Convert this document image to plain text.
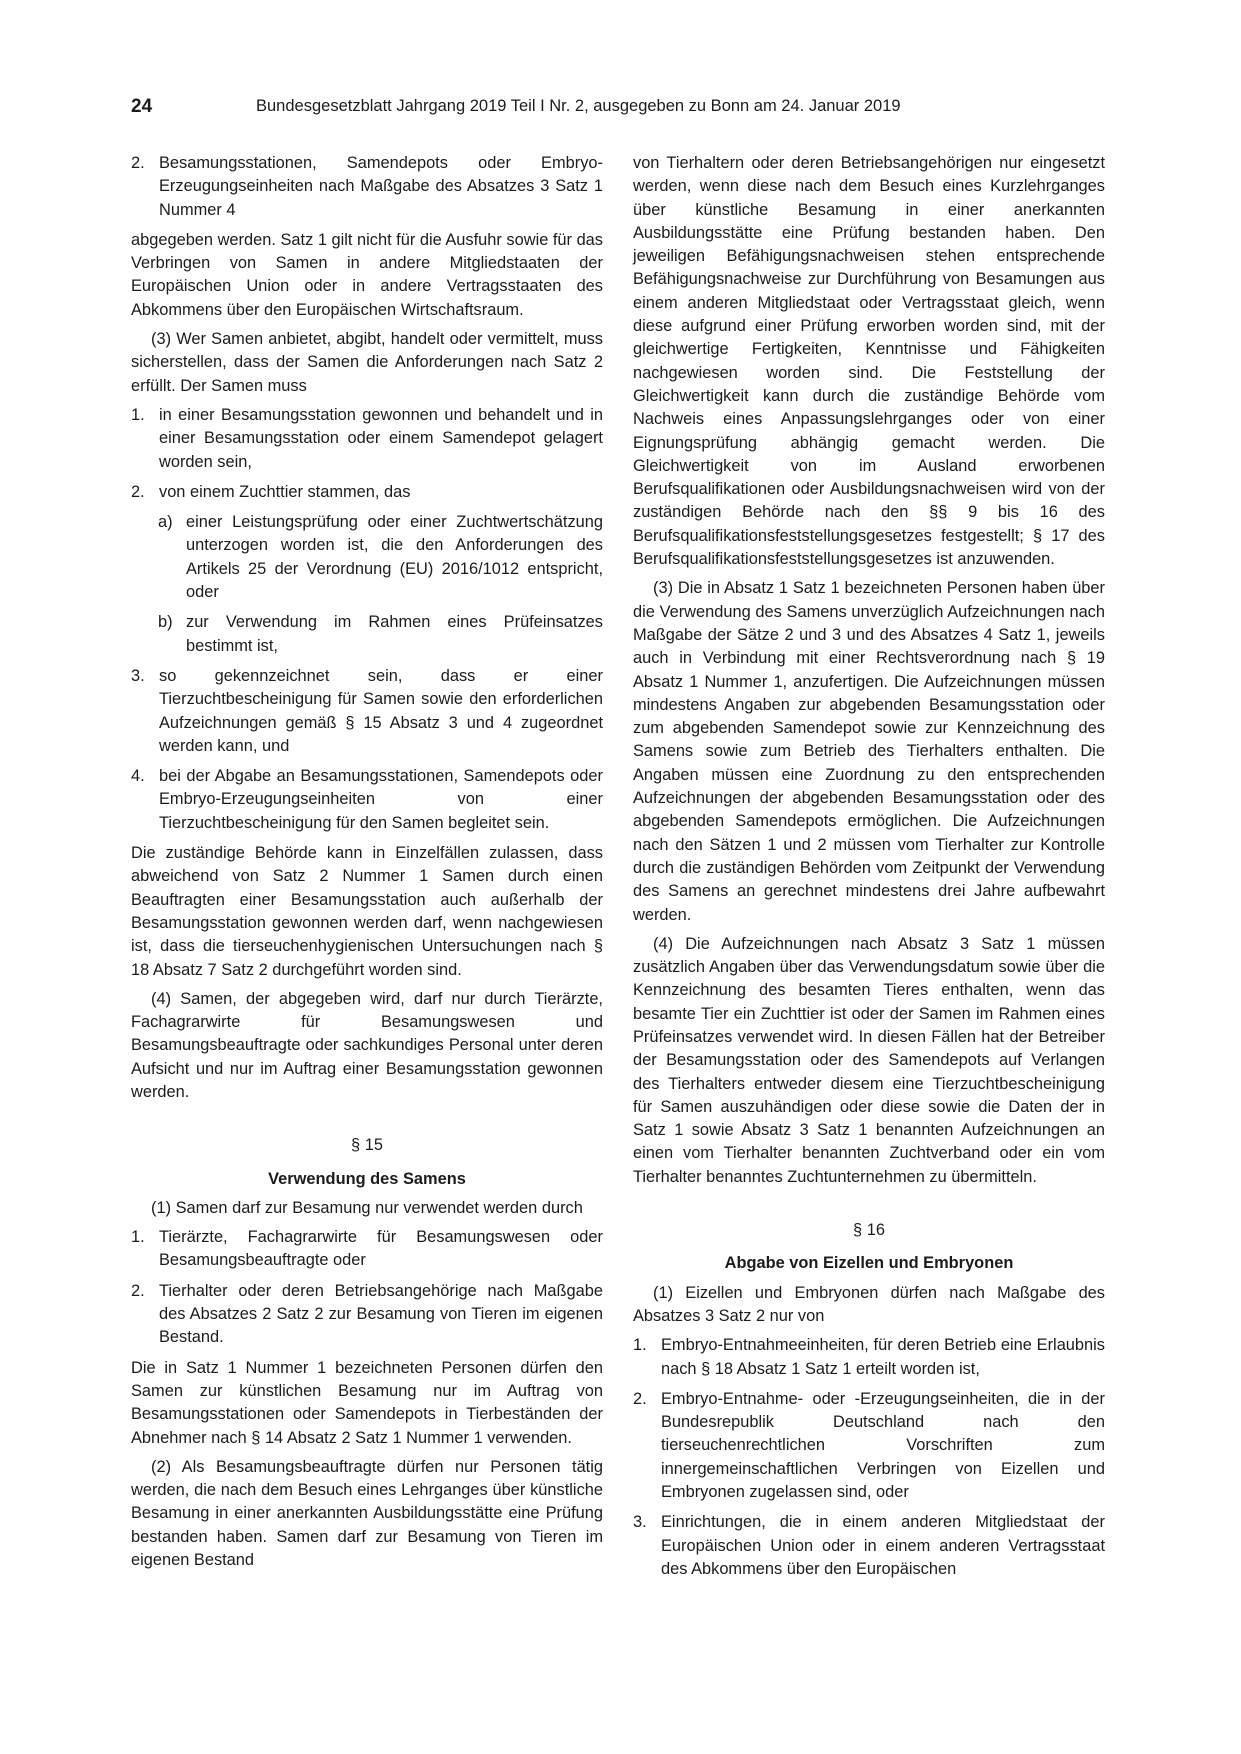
24	Bundesgesetzblatt Jahrgang 2019 Teil I Nr. 2, ausgegeben zu Bonn am 24. Januar 2019
2. Besamungsstationen, Samendepots oder Embryo-Erzeugungseinheiten nach Maßgabe des Absatzes 3 Satz 1 Nummer 4

abgegeben werden. Satz 1 gilt nicht für die Ausfuhr sowie für das Verbringen von Samen in andere Mitgliedstaaten der Europäischen Union oder in andere Vertragsstaaten des Abkommens über den Europäischen Wirtschaftsraum.

(3) Wer Samen anbietet, abgibt, handelt oder vermittelt, muss sicherstellen, dass der Samen die Anforderungen nach Satz 2 erfüllt. Der Samen muss

1. in einer Besamungsstation gewonnen und behandelt und in einer Besamungsstation oder einem Samendepot gelagert worden sein,
2. von einem Zuchttier stammen, das
a) einer Leistungsprüfung oder einer Zuchtwertschätzung unterzogen worden ist, die den Anforderungen des Artikels 25 der Verordnung (EU) 2016/1012 entspricht, oder
b) zur Verwendung im Rahmen eines Prüfeinsatzes bestimmt ist,
3. so gekennzeichnet sein, dass er einer Tierzuchtbescheinigung für Samen sowie den erforderlichen Aufzeichnungen gemäß § 15 Absatz 3 und 4 zugeordnet werden kann, und
4. bei der Abgabe an Besamungsstationen, Samendepots oder Embryo-Erzeugungseinheiten von einer Tierzuchtbescheinigung für den Samen begleitet sein.

Die zuständige Behörde kann in Einzelfällen zulassen, dass abweichend von Satz 2 Nummer 1 Samen durch einen Beauftragten einer Besamungsstation auch außerhalb der Besamungsstation gewonnen werden darf, wenn nachgewiesen ist, dass die tierseuchenhygienischen Untersuchungen nach § 18 Absatz 7 Satz 2 durchgeführt worden sind.

(4) Samen, der abgegeben wird, darf nur durch Tierärzte, Fachagrarwirte für Besamungswesen und Besamungsbeauftragte oder sachkundiges Personal unter deren Aufsicht und nur im Auftrag einer Besamungsstation gewonnen werden.

§ 15
Verwendung des Samens

(1) Samen darf zur Besamung nur verwendet werden durch

1. Tierärzte, Fachagrarwirte für Besamungswesen oder Besamungsbeauftragte oder
2. Tierhalter oder deren Betriebsangehörige nach Maßgabe des Absatzes 2 Satz 2 zur Besamung von Tieren im eigenen Bestand.

Die in Satz 1 Nummer 1 bezeichneten Personen dürfen den Samen zur künstlichen Besamung nur im Auftrag von Besamungsstationen oder Samendepots in Tierbeständen der Abnehmer nach § 14 Absatz 2 Satz 1 Nummer 1 verwenden.

(2) Als Besamungsbeauftragte dürfen nur Personen tätig werden, die nach dem Besuch eines Lehrganges über künstliche Besamung in einer anerkannten Ausbildungsstätte eine Prüfung bestanden haben. Samen darf zur Besamung von Tieren im eigenen Bestand

von Tierhaltern oder deren Betriebsangehörigen nur eingesetzt werden, wenn diese nach dem Besuch eines Kurzlehrganges über künstliche Besamung in einer anerkannten Ausbildungsstätte eine Prüfung bestanden haben. Den jeweiligen Befähigungsnachweisen stehen entsprechende Befähigungsnachweise zur Durchführung von Besamungen aus einem anderen Mitgliedstaat oder Vertragsstaat gleich, wenn diese aufgrund einer Prüfung erworben worden sind, mit der gleichwertige Fertigkeiten, Kenntnisse und Fähigkeiten nachgewiesen worden sind. Die Feststellung der Gleichwertigkeit kann durch die zuständige Behörde vom Nachweis eines Anpassungslehrganges oder von einer Eignungsprüfung abhängig gemacht werden. Die Gleichwertigkeit von im Ausland erworbenen Berufsqualifikationen oder Ausbildungsnachweisen wird von der zuständigen Behörde nach den §§ 9 bis 16 des Berufsqualifikationsfeststellungsgesetzes festgestellt; § 17 des Berufsqualifikationsfeststellungsgesetzes ist anzuwenden.

(3) Die in Absatz 1 Satz 1 bezeichneten Personen haben über die Verwendung des Samens unverzüglich Aufzeichnungen nach Maßgabe der Sätze 2 und 3 und des Absatzes 4 Satz 1, jeweils auch in Verbindung mit einer Rechtsverordnung nach § 19 Absatz 1 Nummer 1, anzufertigen. Die Aufzeichnungen müssen mindestens Angaben zur abgebenden Besamungsstation oder zum abgebenden Samendepot sowie zur Kennzeichnung des Samens sowie zum Betrieb des Tierhalters enthalten. Die Angaben müssen eine Zuordnung zu den entsprechenden Aufzeichnungen der abgebenden Besamungsstation oder des abgebenden Samendepots ermöglichen. Die Aufzeichnungen nach den Sätzen 1 und 2 müssen vom Tierhalter zur Kontrolle durch die zuständigen Behörden vom Zeitpunkt der Verwendung des Samens an gerechnet mindestens drei Jahre aufbewahrt werden.

(4) Die Aufzeichnungen nach Absatz 3 Satz 1 müssen zusätzlich Angaben über das Verwendungsdatum sowie über die Kennzeichnung des besamten Tieres enthalten, wenn das besamte Tier ein Zuchttier ist oder der Samen im Rahmen eines Prüfeinsatzes verwendet wird. In diesen Fällen hat der Betreiber der Besamungsstation oder des Samendepots auf Verlangen des Tierhalters entweder diesem eine Tierzuchtbescheinigung für Samen auszuhändigen oder diese sowie die Daten der in Satz 1 sowie Absatz 3 Satz 1 benannten Aufzeichnungen an einen vom Tierhalter benannten Zuchtverband oder ein vom Tierhalter benanntes Zuchtunternehmen zu übermitteln.

§ 16
Abgabe von Eizellen und Embryonen

(1) Eizellen und Embryonen dürfen nach Maßgabe des Absatzes 3 Satz 2 nur von

1. Embryo-Entnahmeeinheiten, für deren Betrieb eine Erlaubnis nach § 18 Absatz 1 Satz 1 erteilt worden ist,
2. Embryo-Entnahme- oder -Erzeugungseinheiten, die in der Bundesrepublik Deutschland nach den tierseuchenrechtlichen Vorschriften zum innergemeinschaftlichen Verbringen von Eizellen und Embryonen zugelassen sind, oder
3. Einrichtungen, die in einem anderen Mitgliedstaat der Europäischen Union oder in einem anderen Vertragsstaat des Abkommens über den Europäischen
